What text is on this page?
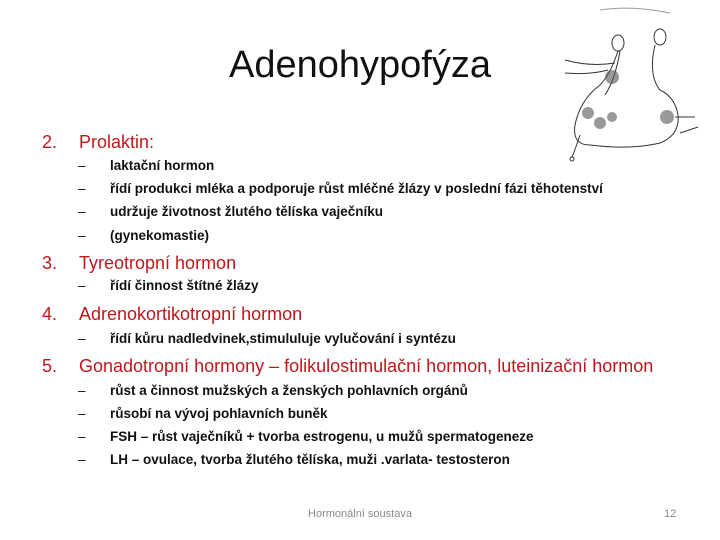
Adenohypofýza
2. Prolaktin:
– laktační hormon
– řídí produkci mléka a podporuje růst mléčné žlázy v poslední fázi těhotenství
– udržuje životnost žlutého tělíska vaječníku
– (gynekomastie)
3. Tyreotropní hormon
– řídí činnost štítné žlázy
4. Adrenokortikotropní hormon
– řídí kůru nadledvinek,stimululuje vylučování i syntézu
5. Gonadotropní hormony – folikulostimulační hormon, luteinizační hormon
– růst a činnost mužských a ženských pohlavních orgánů
– růsobí na vývoj pohlavních buněk
– FSH – růst vaječníků + tvorba estrogenu, u mužů spermatogeneze
– LH – ovulace, tvorba žlutého tělíska, muži .varlata- testosteron
Hormonální soustava	12
